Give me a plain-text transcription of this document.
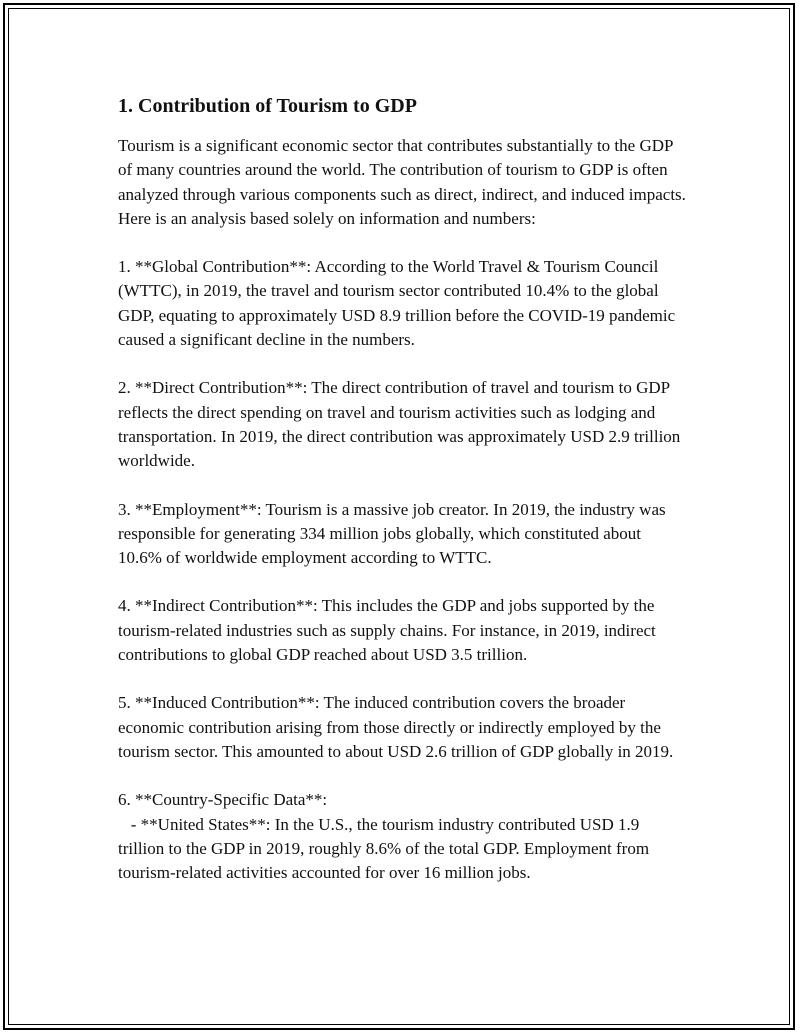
1. Contribution of Tourism to GDP

Tourism is a significant economic sector that contributes substantially to the GDP of many countries around the world. The contribution of tourism to GDP is often analyzed through various components such as direct, indirect, and induced impacts. Here is an analysis based solely on information and numbers:

1. **Global Contribution**: According to the World Travel & Tourism Council (WTTC), in 2019, the travel and tourism sector contributed 10.4% to the global GDP, equating to approximately USD 8.9 trillion before the COVID-19 pandemic caused a significant decline in the numbers.

2. **Direct Contribution**: The direct contribution of travel and tourism to GDP reflects the direct spending on travel and tourism activities such as lodging and transportation. In 2019, the direct contribution was approximately USD 2.9 trillion worldwide.

3. **Employment**: Tourism is a massive job creator. In 2019, the industry was responsible for generating 334 million jobs globally, which constituted about 10.6% of worldwide employment according to WTTC.

4. **Indirect Contribution**: This includes the GDP and jobs supported by the tourism-related industries such as supply chains. For instance, in 2019, indirect contributions to global GDP reached about USD 3.5 trillion.

5. **Induced Contribution**: The induced contribution covers the broader economic contribution arising from those directly or indirectly employed by the tourism sector. This amounted to about USD 2.6 trillion of GDP globally in 2019.

6. **Country-Specific Data**:
- **United States**: In the U.S., the tourism industry contributed USD 1.9 trillion to the GDP in 2019, roughly 8.6% of the total GDP. Employment from tourism-related activities accounted for over 16 million jobs.
